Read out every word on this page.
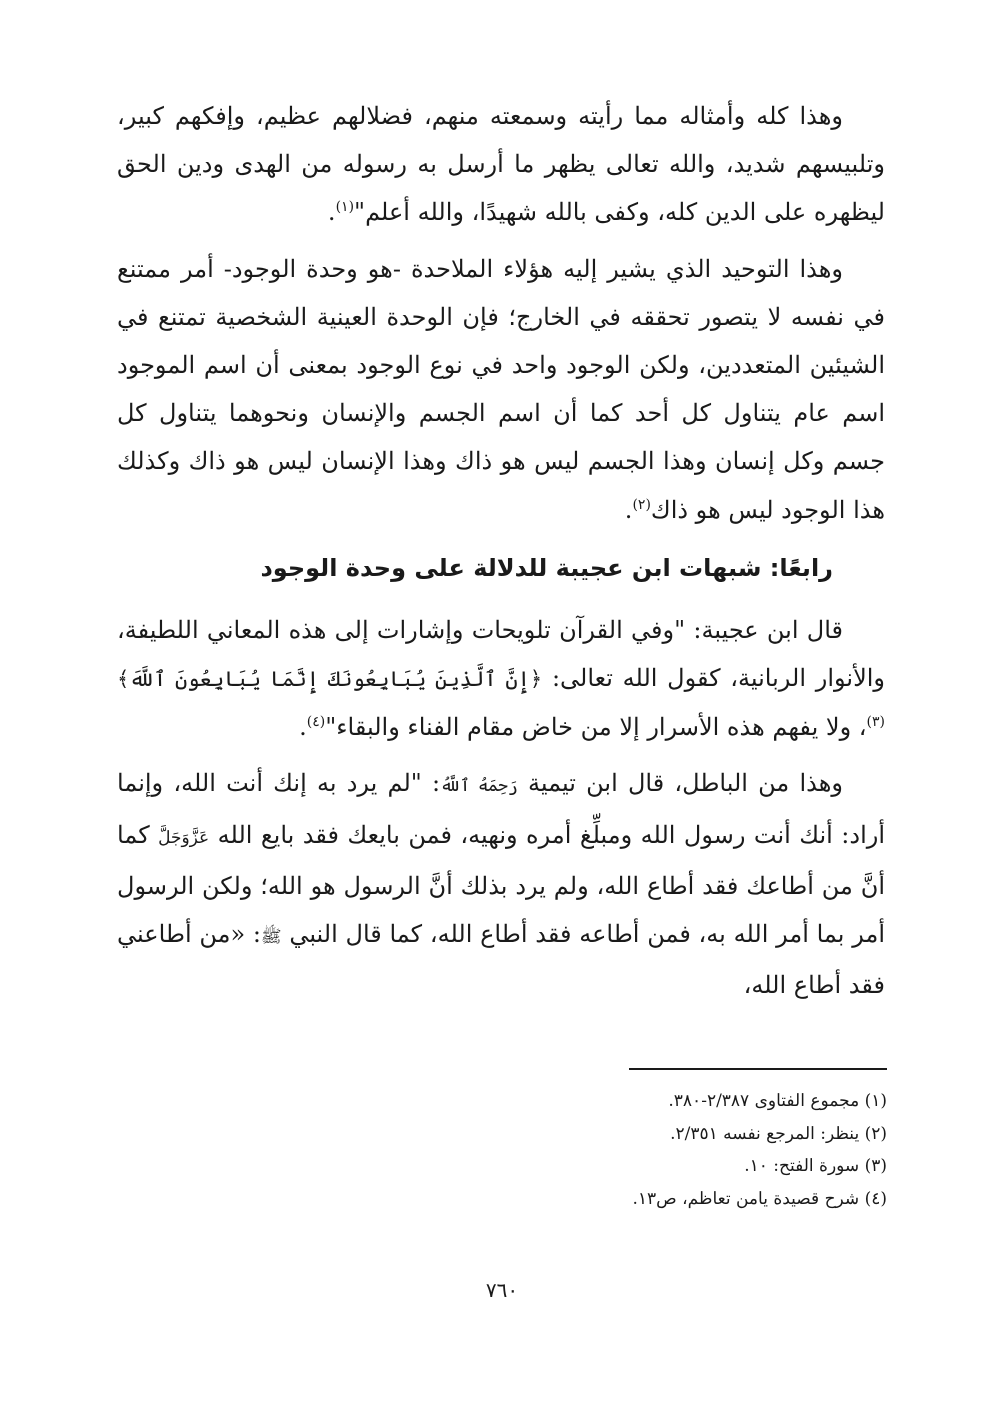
وهذا كله وأمثاله مما رأيته وسمعته منهم، فضلالهم عظيم، وإفكهم كبير، وتلبيسهم شديد، والله تعالى يظهر ما أرسل به رسوله من الهدى ودين الحق ليظهره على الدين كله، وكفى بالله شهيدًا، والله أعلم"$^{(١)}$.

وهذا التوحيد الذي يشير إليه هؤلاء الملاحدة -هو وحدة الوجود- أمر ممتنع في نفسه لا يتصور تحققه في الخارج؛ فإن الوحدة العينية الشخصية تمتنع في الشيئين المتعددين، ولكن الوجود واحد في نوع الوجود بمعنى أن اسم الموجود اسم عام يتناول كل أحد كما أن اسم الجسم والإنسان ونحوهما يتناول كل جسم وكل إنسان وهذا الجسم ليس هو ذاك وهذا الإنسان ليس هو ذاك وكذلك هذا الوجود ليس هو ذاك$^{(٢)}$.

رابعًا: شبهات ابن عجيبة للدلالة على وحدة الوجود

قال ابن عجيبة: "وفي القرآن تلويحات وإشارات إلى هذه المعاني اللطيفة، والأنوار الربانية، كقول الله تعالى: ﴿إِنَّ ٱلَّذِينَ يُبَايِعُونَكَ إِنَّمَا يُبَايِعُونَ ٱللَّهَ﴾$^{(٣)}$، ولا يفهم هذه الأسرار إلا من خاض مقام الفناء والبقاء"$^{(٤)}$.

وهذا من الباطل، قال ابن تيمية رَحِمَهُ ٱللَّهُ: "لم يرد به إنك أنت الله، وإنما أراد: أنك أنت رسول الله ومبلِّغ أمره ونهيه، فمن بايعك فقد بايع الله عَزَّوَجَلَّ كما أنَّ من أطاعك فقد أطاع الله، ولم يرد بذلك أنَّ الرسول هو الله؛ ولكن الرسول أمر بما أمر الله به، فمن أطاعه فقد أطاع الله، كما قال النبي ﷺ: «من أطاعني فقد أطاع الله،

(١) مجموع الفتاوى ٢/٣٨٧-٣٨٠.

(٢) ينظر: المرجع نفسه ٢/٣٥١.

(٣) سورة الفتح: ١٠.

(٤) شرح قصيدة يامن تعاظم، ص١٣.

٧٦٠
